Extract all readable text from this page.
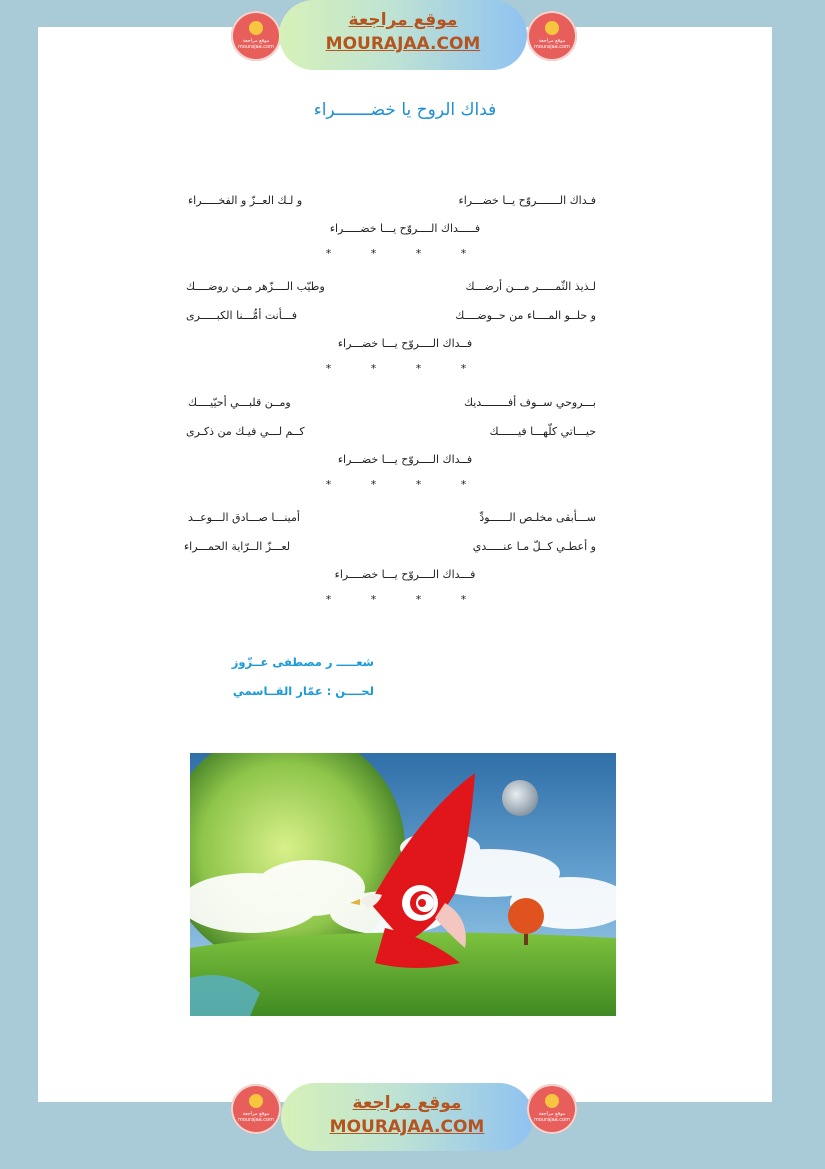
موقع مراجعة
mourajaa.com
موقع مراجعة
MOURAJAA.COM	موقع مراجعة
mourajaa.com
فداك الروح يا خضـــــــراء
فـداك الـــــــروّح يــا خضـــراء
و لـك العــزّ و الفخـــــراء
فـــــداك الــــروّح يـــا خضـــــراء
* * * *
لـذيذ الثّمـــــر مـــن أرضـــك
وطيّب الــــزّهر مــن روضــــك
و حلــو المــــاء من حــوضــــك
فـــأنت أمُّـــنا الكبـــــرى
فــداك الــــروّح يـــا خضـــراء
* * * *
بـــروحي ســوف أفــــــــديك
ومــن قلبـــي أحيّيــــك
حيـــاتي كلّهـــا فيــــــك
كــم لـــي فيـك من ذكـرى
فــداك الــــروّح يـــا خضـــراء
* * * *
ســـأبقى مخلـص الــــــودِّ
أمينـــا صـــادق الـــوعــد
و أعطـي كــلّ مـا عنـــــدي
لعـــزّ الــرّاية الحمـــراء
فـــداك الــــروّح يـــا خضــــراء
* * * *
شعـــــ ر مصطفى عــزّوز
لحــــن : عمّار القــاسمي
موقع مراجعة
mourajaa.com
موقع مراجعة
MOURAJAA.COM
موقع مراجعة
mourajaa.com
